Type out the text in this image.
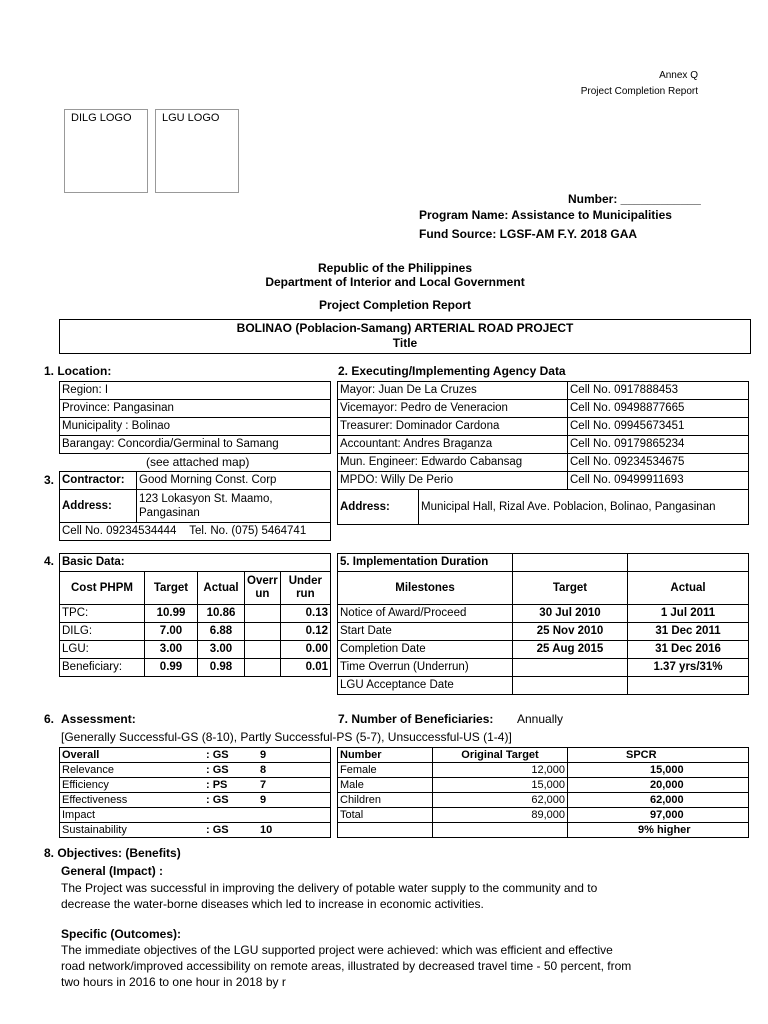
Annex Q
Project Completion Report
DILG LOGO	LGU LOGO
Number: ____________
Program Name: Assistance to Municipalities
Fund Source: LGSF-AM F.Y. 2018 GAA
Republic of the Philippines
Department of Interior and Local Government
Project Completion Report
BOLINAO (Poblacion-Samang) ARTERIAL ROAD PROJECT
Title
1. Location:
Region: I
Province: Pangasinan
Municipality : Bolinao
Barangay: Concordia/Germinal to Samang
(see attached map)
3. Contractor:	Good Morning Const. Corp
Address:	123 Lokasyon St. Maamo, Pangasinan
Cell No. 09234534444 Tel. No. (075) 5464741	
2. Executing/Implementing Agency Data
Mayor: Juan De La Cruzes	Cell No. 0917888453
Vicemayor: Pedro de Veneracion	Cell No. 09498877665
Treasurer: Dominador Cardona	Cell No. 09945673451
Accountant: Andres Braganza	Cell No. 09179865234
Mun. Engineer: Edwardo Cabansag	Cell No. 09234534675
MPDO: Willy De Perio	Cell No. 09499911693
Address:	Municipal Hall, Rizal Ave. Poblacion, Bolinao, Pangasinan
4. Basic Data:				
Cost PHPM	Target	Actual	Overr un	Under run
TPC:	10.99	10.86		0.13
DILG:	7.00	6.88		0.12
LGU:	3.00	3.00		0.00
Beneficiary:	0.99	0.98		0.01
5. Implementation Duration		
Milestones	Target	Actual
Notice of Award/Proceed	30 Jul 2010	1 Jul 2011
Start Date	25 Nov 2010	31 Dec 2011
Completion Date	25 Aug 2015	31 Dec 2016
Time Overrun (Underrun)		1.37 yrs/31%
LGU Acceptance Date		
6. Assessment:
[Generally Successful-GS (8-10), Partly Successful-PS (5-7), Unsuccessful-US (1-4)]
Overall	: GS	9
Relevance	: GS	8
Efficiency	: PS	7
Effectiveness	: GS	9
Impact		
Sustainability	: GS	10
7. Number of Beneficiaries: Annually
Number	Original Target	SPCR
Female	12,000	15,000
Male	15,000	20,000
Children	62,000	62,000
Total	89,000	97,000
		9% higher
8. Objectives: (Benefits)
General (Impact) :
The Project was successful in improving the delivery of potable water supply to the community and to
decrease the water-borne diseases which led to increase in economic activities.
Specific (Outcomes):
The immediate objectives of the LGU supported project were achieved: which was efficient and effective
road network/improved accessibility on remote areas, illustrated by decreased travel time - 50 percent, from
two hours in 2016 to one hour in 2018 by r
